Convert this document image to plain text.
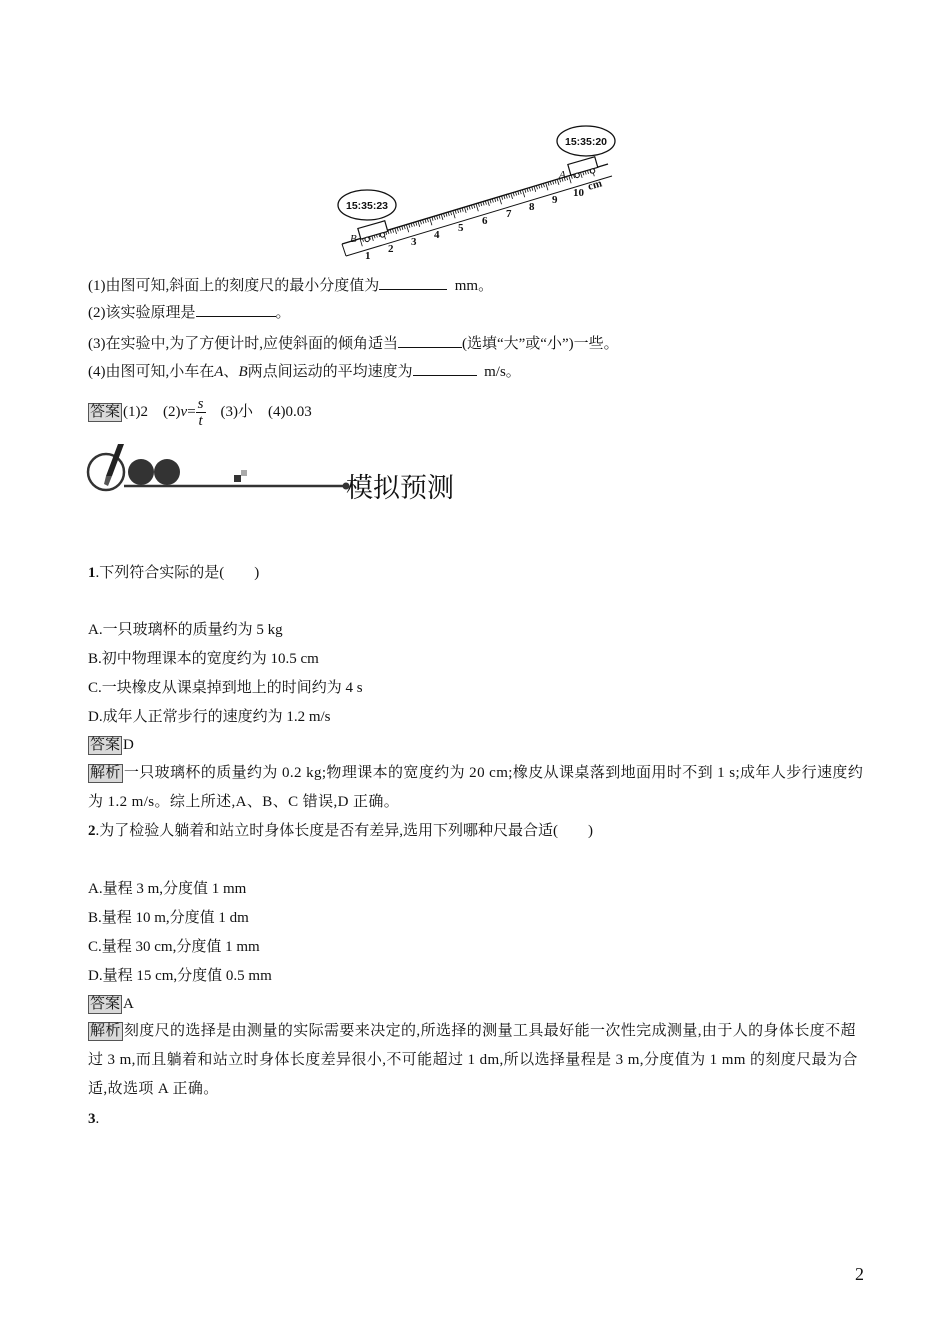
1
2
3
4
5
6
7
8
9
10
cm
B
A
15:35:23
15:35:20
(1)由图可知,斜面上的刻度尺的最小分度值为	mm。
(2)该实验原理是	。
(3)在实验中,为了方便计时,应使斜面的倾角适当	(选填“大”或“小”)一些。
(4)由图可知,小车在A、B两点间运动的平均速度为	m/s。
答案 (1)2 $(2)v= \frac{s}{t} (3)$小 (4)0.03
模拟预测
1.下列符合实际的是(　　)
A.一只玻璃杯的质量约为 5 kg
B.初中物理课本的宽度约为 10.5 cm
C.一块橡皮从课桌掉到地上的时间约为 4 s
D.成年人正常步行的速度约为 1.2 m/s
答案 D
解析 一只玻璃杯的质量约为 0.2 kg;物理课本的宽度约为 20 cm;橡皮从课桌落到地面用时不到 1 s;成年人步行速度约为 1.2 m/s。综上所述,A、B、C 错误,D 正确。
2.为了检验人躺着和站立时身体长度是否有差异,选用下列哪种尺最合适(　　)
A.量程 3 m,分度值 1 mm
B.量程 10 m,分度值 1 dm
C.量程 30 cm,分度值 1 mm
D.量程 15 cm,分度值 0.5 mm
答案 A
解析 刻度尺的选择是由测量的实际需要来决定的,所选择的测量工具最好能一次性完成测量,由于人的身体长度不超过 3 m,而且躺着和站立时身体长度差异很小,不可能超过 1 dm,所以选择量程是 3 m,分度值为 1 mm 的刻度尺最为合适,故选项 A 正确。
3.
2
